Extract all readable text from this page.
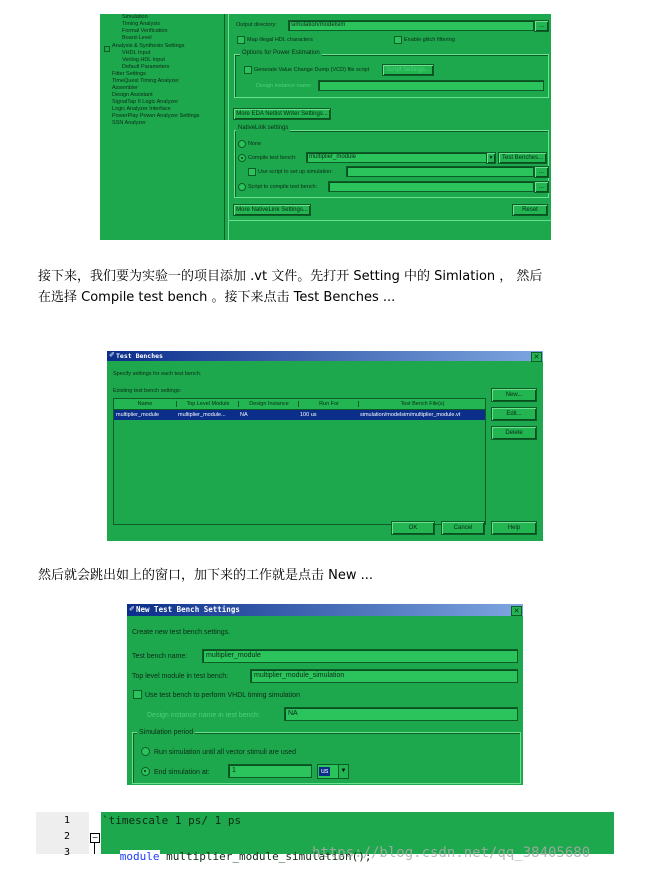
Simulation
Timing Analysis
Formal Verification
Board-Level
Analysis & Synthesis Settings
VHDL Input
Verilog HDL Input
Default Parameters
Fitter Settings
TimeQuest Timing Analyzer
Assembler
Design Assistant
SignalTap II Logic Analyzer
Logic Analyzer Interface
PowerPlay Power Analyzer Settings
SSN Analyzer
Output directory:	simulation/modelsim	...
Map illegal HDL characters	Enable glitch filtering
Options for Power Estimation
Generate Value Change Dump (VCD) file script	Script Settings...
Design instance name:
More EDA Netlist Writer Settings...
NativeLink settings
None
Compile test bench:	multiplier_module	▼	Test Benches...
Use script to set up simulation:	...
Script to compile test bench:	...
More NativeLink Settings...	Reset
接下来，我们要为实验一的项目添加 .vt 文件。先打开 Setting 中的 Simlation ， 然后
在选择 Compile test bench 。接下来点击 Test Benches ...
Test Benches
✐	✕
Specify settings for each test bench.
Existing test bench settings:
Name	Top Level Module	Design Instance	Run For	Test Bench File(s)
multiplier_module	multiplier_module...	NA	100 us	simulation/modelsim/multiplier_module.vt
New...
Edit...
Delete
OK	Cancel	Help
然后就会跳出如上的窗口，加下来的工作就是点击 New ...
New Test Bench Settings
✐	✕
Create new test bench settings.
Test bench name:	multiplier_module
Top level module in test bench:	multiplier_module_simulation
Use test bench to perform VHDL timing simulation
Design instance name in test bench:	NA
Simulation period
Run simulation until all vector stimuli are used
End simulation at:	1	us	▼
1
2
3
−
`timescale 1 ps/ 1 ps

module multiplier_module_simulation();

https://blog.csdn.net/qq_38405680
